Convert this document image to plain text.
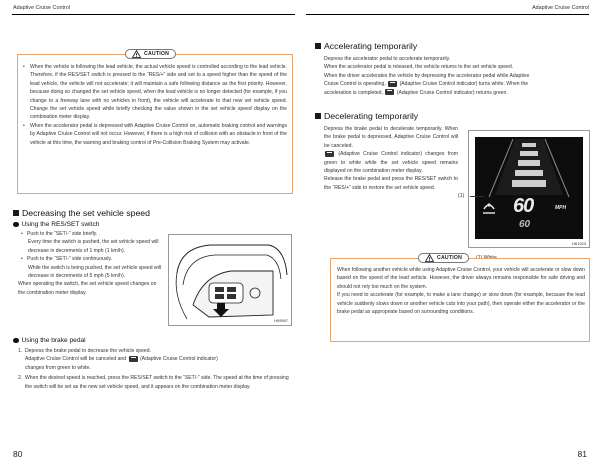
Adaptive Cruise Control	Adaptive Cruise Control
• When the vehicle is following the lead vehicle, the actual vehicle speed is controlled according to the lead vehicle. Therefore, if the RES/SET switch is pressed to the “RES/+” side and set to a speed higher than the speed of the lead vehicle, the vehicle will not accelerate; it will maintain a safe following distance as the first priority. However, because doing so changed the set vehicle speed, when the lead vehicle is no longer detected (for example, if you change to a freeway lane with no vehicles in front), the vehicle will accelerate to that new set vehicle speed. Change the set vehicle speed while briefly checking the value shown in the set vehicle speed display on the combination meter display.
• When the accelerator pedal is depressed with Adaptive Cruise Control on, automatic braking control and warnings by Adaptive Cruise Control will not occur. However, if there is a high risk of collision with an obstacle in front of the vehicle at this time, the warning and braking control of Pre-Collision Braking System may activate.
CAUTION
Decreasing the set vehicle speed
Using the RES/SET switch
• Push to the “SET/-” side briefly.
Every time the switch is pushed, the set vehicle speed will decrease in decrements of 1 mph (1 km/h).
• Push to the “SET/-” side continuously.
While the switch is being pushed, the set vehicle speed will decrease in decrements of 5 mph (5 km/h).
When operating the switch, the set vehicle speed changes on the combination meter display.
H09597
Using the brake pedal
1. Depress the brake pedal to decrease the vehicle speed.
Adaptive Cruise Control will be canceled and	(Adaptive Cruise Control indicator)
changes from green to white.
2. When the desired speed is reached, press the RES/SET switch to the “SET/-” side. The speed at the time of pressing the switch will be set as the new set vehicle speed, and it appears on the combination meter display.
Accelerating temporarily
Depress the accelerator pedal to accelerate temporarily.
When the accelerator pedal is released, the vehicle returns to the set vehicle speed.
When the driver accelerates the vehicle by depressing the accelerator pedal while Adaptive
Cruise Control is operating,	(Adaptive Cruise Control indicator) turns white. When the
acceleration is completed,	(Adaptive Cruise Control indicator) returns green.
Decelerating temporarily
Depress the brake pedal to decelerate temporarily. When the brake pedal is depressed, Adaptive Cruise Control will be canceled.
(Adaptive Cruise Control indicator) changes from green to white while the set vehicle speed remains displayed on the combination meter display.
Release the brake pedal and press the RES/SET switch to the “RES/+” side to restore the set vehicle speed.
60	MPH
60
H61923
(1)
When following another vehicle while using Adaptive Cruise Control, your vehicle will accelerate or slow down based on the speed of the lead vehicle. However, the driver always remains responsible for safe driving and should not rely too much on the system.
If you need to accelerate (for example, to make a lane change) or slow down (for example, because the lead vehicle suddenly slows down or another vehicle cuts into your path), then operate either the accelerator or the brake pedal as appropriate based on surrounding conditions.
CAUTION
80	81
